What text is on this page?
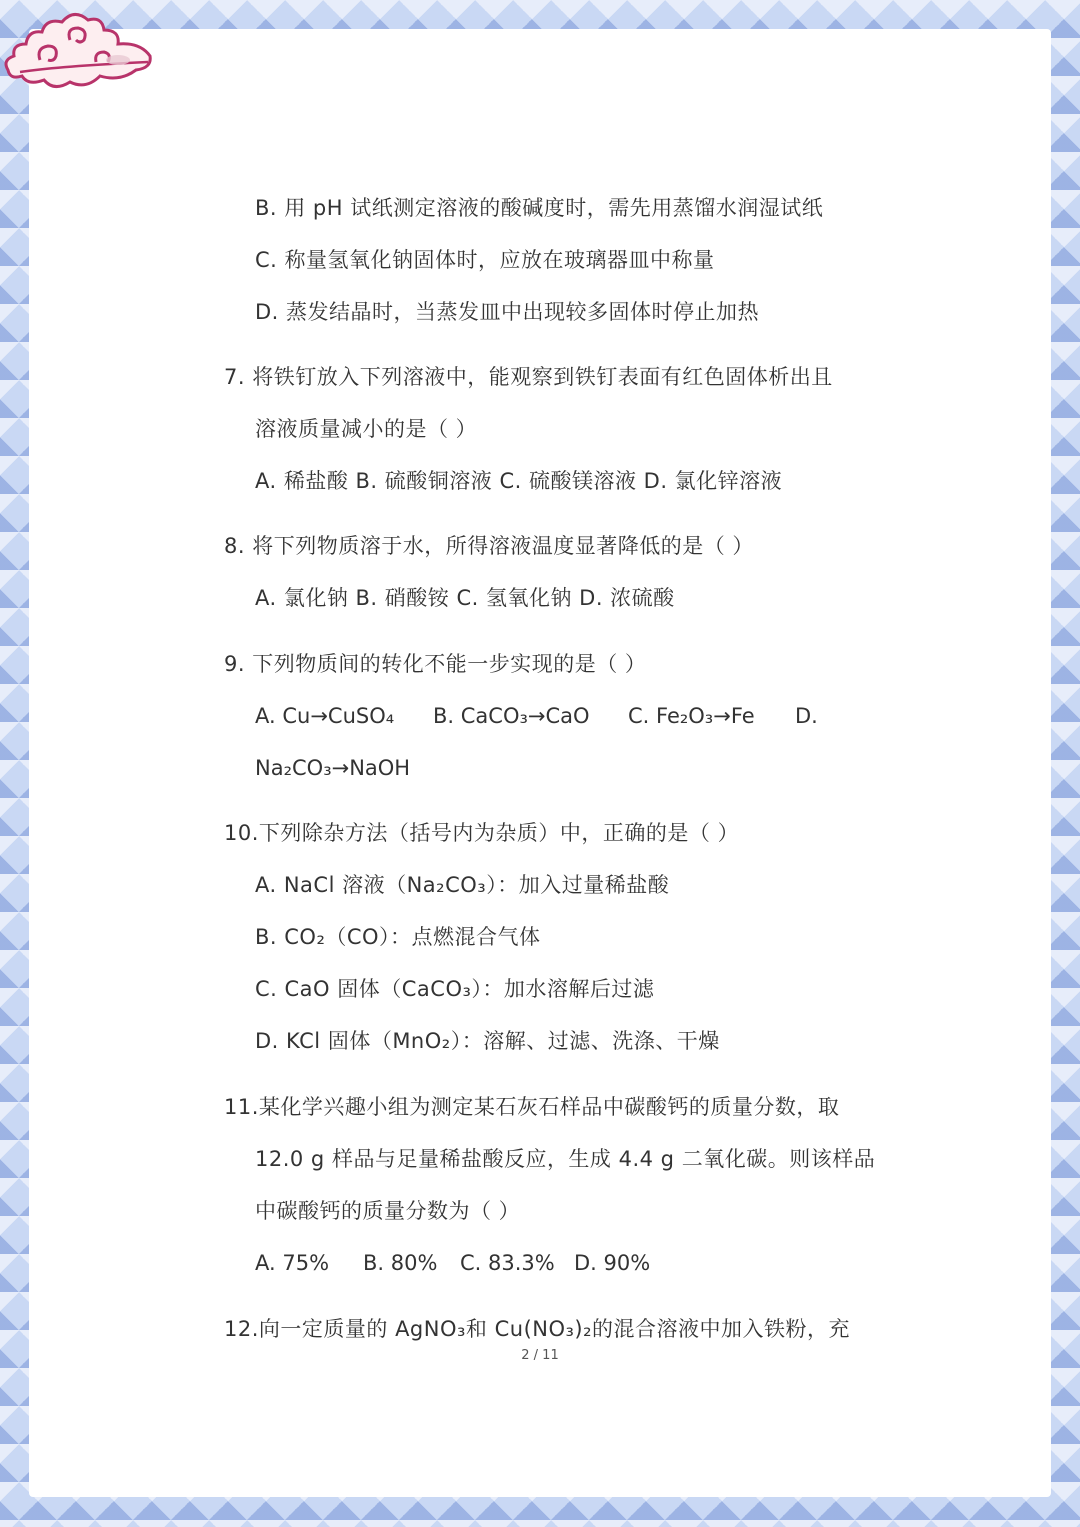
B. 用 pH 试纸测定溶液的酸碱度时，需先用蒸馏水润湿试纸

C. 称量氢氧化钠固体时，应放在玻璃器皿中称量

D. 蒸发结晶时，当蒸发皿中出现较多固体时停止加热

7. 将铁钉放入下列溶液中，能观察到铁钉表面有红色固体析出且

溶液质量减小的是（ ）

A. 稀盐酸 B. 硫酸铜溶液 C. 硫酸镁溶液 D. 氯化锌溶液

8. 将下列物质溶于水，所得溶液温度显著降低的是（ ）

A. 氯化钠 B. 硝酸铵 C. 氢氧化钠 D. 浓硫酸

9. 下列物质间的转化不能一步实现的是（ ）

A. Cu→CuSO₄ B. CaCO₃→CaO C. Fe₂O₃→Fe D.

Na₂CO₃→NaOH

10.下列除杂方法（括号内为杂质）中，正确的是（ ）

A. NaCl 溶液（Na₂CO₃）：加入过量稀盐酸

B. CO₂（CO）：点燃混合气体

C. CaO 固体（CaCO₃）：加水溶解后过滤

D. KCl 固体（MnO₂）：溶解、过滤、洗涤、干燥

11.某化学兴趣小组为测定某石灰石样品中碳酸钙的质量分数，取

12.0 g 样品与足量稀盐酸反应，生成 4.4 g 二氧化碳。则该样品

中碳酸钙的质量分数为（ ）

A. 75% B. 80% C. 83.3% D. 90%

12.向一定质量的 AgNO₃和 Cu(NO₃)₂的混合溶液中加入铁粉，充

2 / 11
